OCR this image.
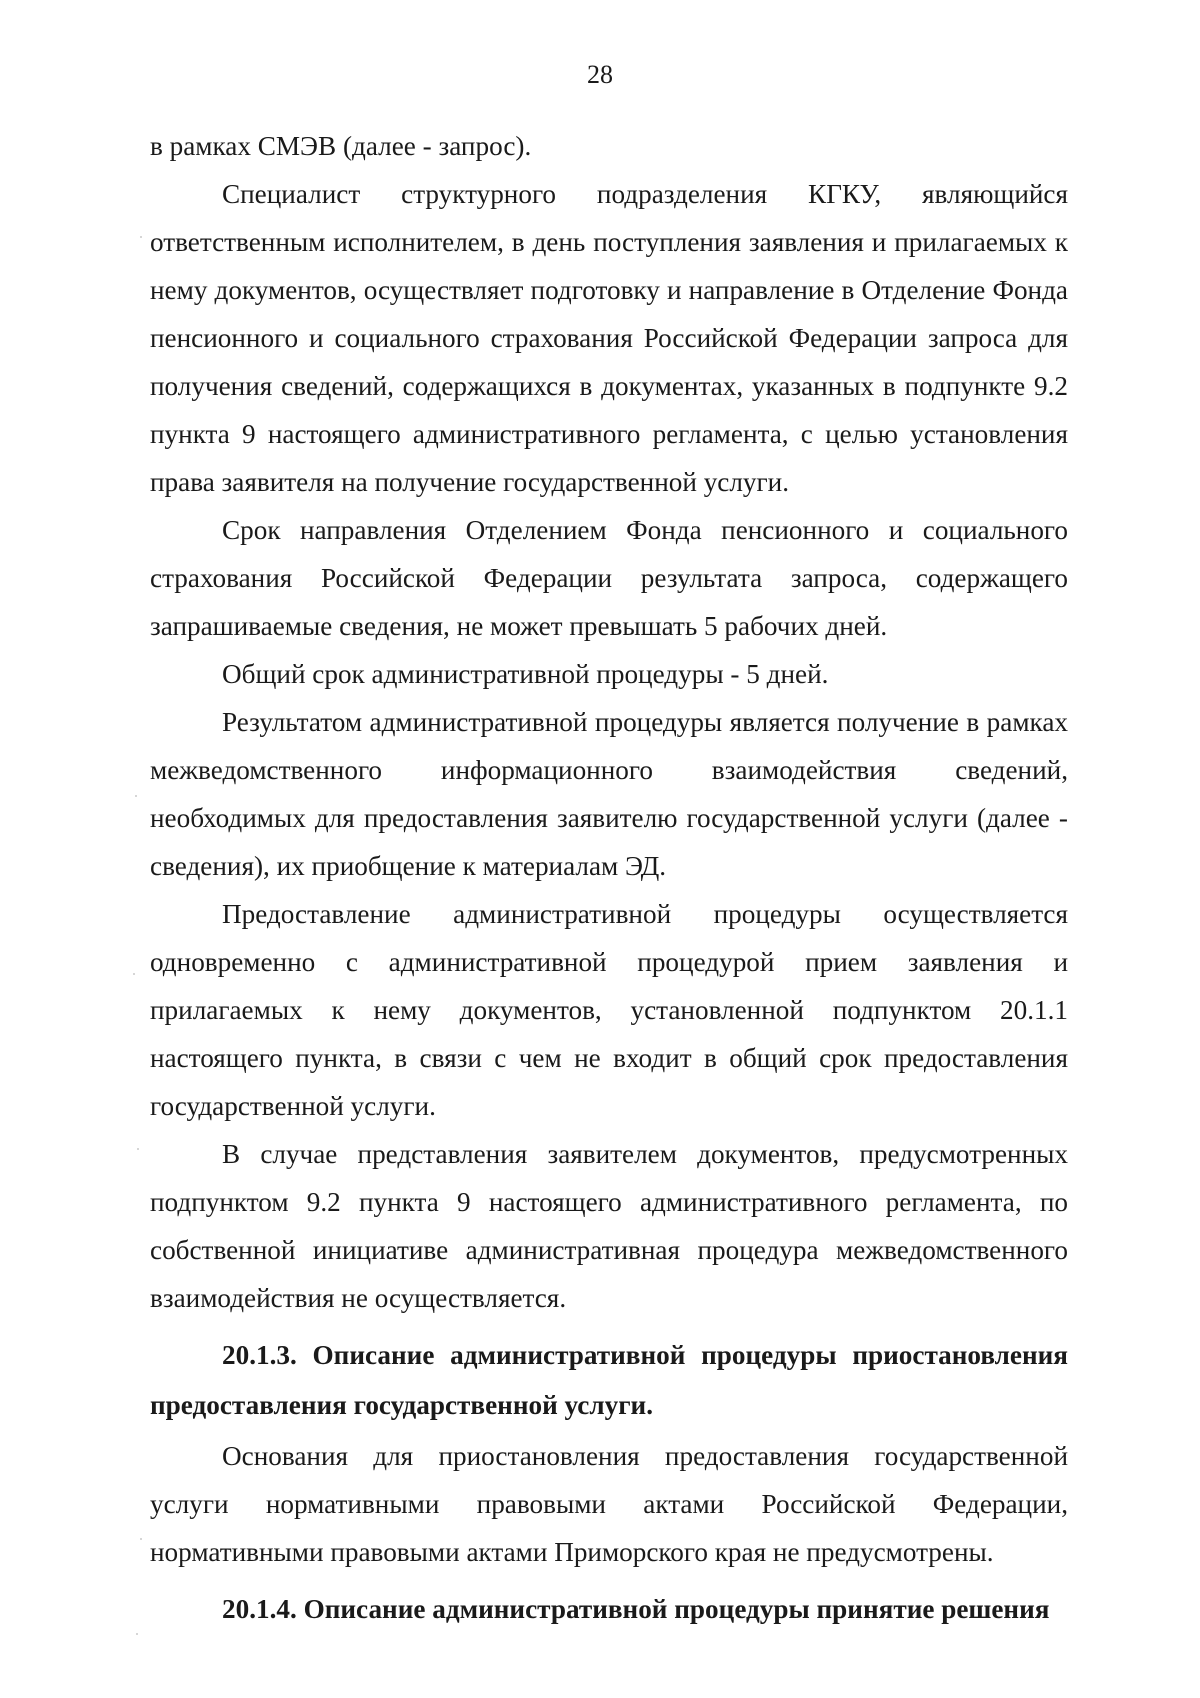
28

в рамках СМЭВ (далее - запрос).

Специалист структурного подразделения КГКУ, являющийся ответственным исполнителем, в день поступления заявления и прилагаемых к нему документов, осуществляет подготовку и направление в Отделение Фонда пенсионного и социального страхования Российской Федерации запроса для получения сведений, содержащихся в документах, указанных в подпункте 9.2 пункта 9 настоящего административного регламента, с целью установления права заявителя на получение государственной услуги.

Срок направления Отделением Фонда пенсионного и социального страхования Российской Федерации результата запроса, содержащего запрашиваемые сведения, не может превышать 5 рабочих дней.

Общий срок административной процедуры - 5 дней.

Результатом административной процедуры является получение в рамках межведомственного информационного взаимодействия сведений, необходимых для предоставления заявителю государственной услуги (далее - сведения), их приобщение к материалам ЭД.

Предоставление административной процедуры осуществляется одновременно с административной процедурой прием заявления и прилагаемых к нему документов, установленной подпунктом 20.1.1 настоящего пункта, в связи с чем не входит в общий срок предоставления государственной услуги.

В случае представления заявителем документов, предусмотренных подпунктом 9.2 пункта 9 настоящего административного регламента, по собственной инициативе административная процедура межведомственного взаимодействия не осуществляется.

20.1.3. Описание административной процедуры приостановления предоставления государственной услуги.

Основания для приостановления предоставления государственной услуги нормативными правовыми актами Российской Федерации, нормативными правовыми актами Приморского края не предусмотрены.

20.1.4. Описание административной процедуры принятие решения
